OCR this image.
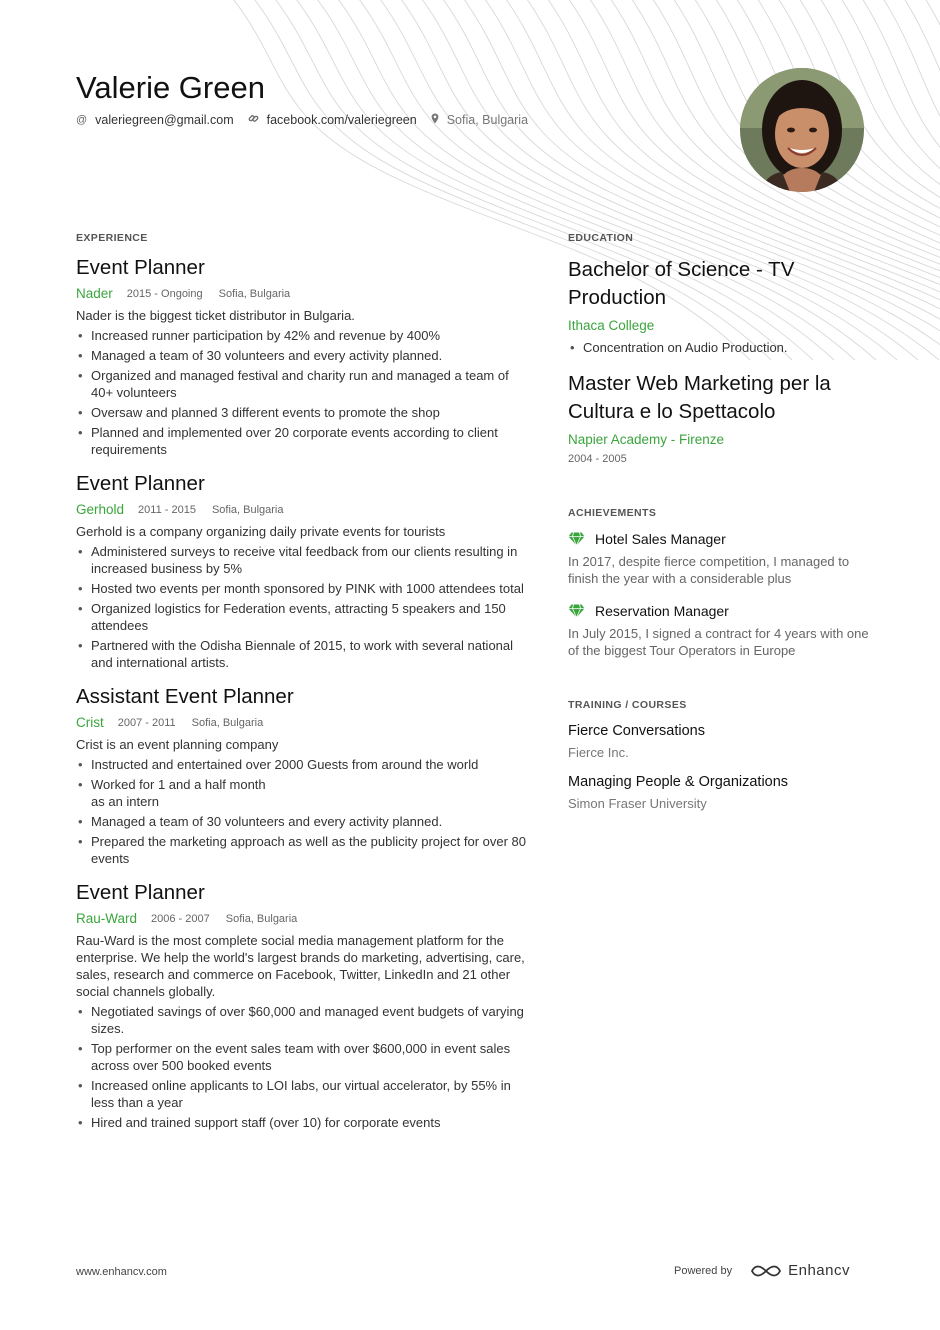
Valerie Green
@ valeriegreen@gmail.com	facebook.com/valeriegreen Sofia, Bulgaria
EXPERIENCE
Event Planner
Nader 2015 - Ongoing Sofia, Bulgaria
Nader is the biggest ticket distributor in Bulgaria.
• Increased runner participation by 42% and revenue by 400%
• Managed a team of 30 volunteers and every activity planned.
• Organized and managed festival and charity run and managed a team of 40+ volunteers
• Oversaw and planned 3 different events to promote the shop
• Planned and implemented over 20 corporate events according to client requirements
Event Planner
Gerhold 2011 - 2015 Sofia, Bulgaria
Gerhold is a company organizing daily private events for tourists
• Administered surveys to receive vital feedback from our clients resulting in increased business by 5%
• Hosted two events per month sponsored by PINK with 1000 attendees total
• Organized logistics for Federation events, attracting 5 speakers and 150 attendees
• Partnered with the Odisha Biennale of 2015, to work with several national and international artists.
Assistant Event Planner
Crist 2007 - 2011 Sofia, Bulgaria
Crist is an event planning company
• Instructed and entertained over 2000 Guests from around the world
• Worked for 1 and a half month
as an intern
• Managed a team of 30 volunteers and every activity planned.
• Prepared the marketing approach as well as the publicity project for over 80 events
Event Planner
Rau-Ward 2006 - 2007 Sofia, Bulgaria
Rau-Ward is the most complete social media management platform for the enterprise. We help the world's largest brands do marketing, advertising, care, sales, research and commerce on Facebook, Twitter, LinkedIn and 21 other social channels globally.
• Negotiated savings of over $60,000 and managed event budgets of varying sizes.
• Top performer on the event sales team with over $600,000 in event sales across over 500 booked events
• Increased online applicants to LOI labs, our virtual accelerator, by 55% in less than a year
• Hired and trained support staff (over 10) for corporate events
EDUCATION
Bachelor of Science - TV Production
Ithaca College
• Concentration on Audio Production.
Master Web Marketing per la Cultura e lo Spettacolo
Napier Academy - Firenze
2004 - 2005
ACHIEVEMENTS
Hotel Sales Manager
In 2017, despite fierce competition, I managed to finish the year with a considerable plus
Reservation Manager
In July 2015, I signed a contract for 4 years with one of the biggest Tour Operators in Europe
TRAINING / COURSES
Fierce Conversations
Fierce Inc.
Managing People & Organizations
Simon Fraser University
www.enhancv.com	Powered by	Enhancv
